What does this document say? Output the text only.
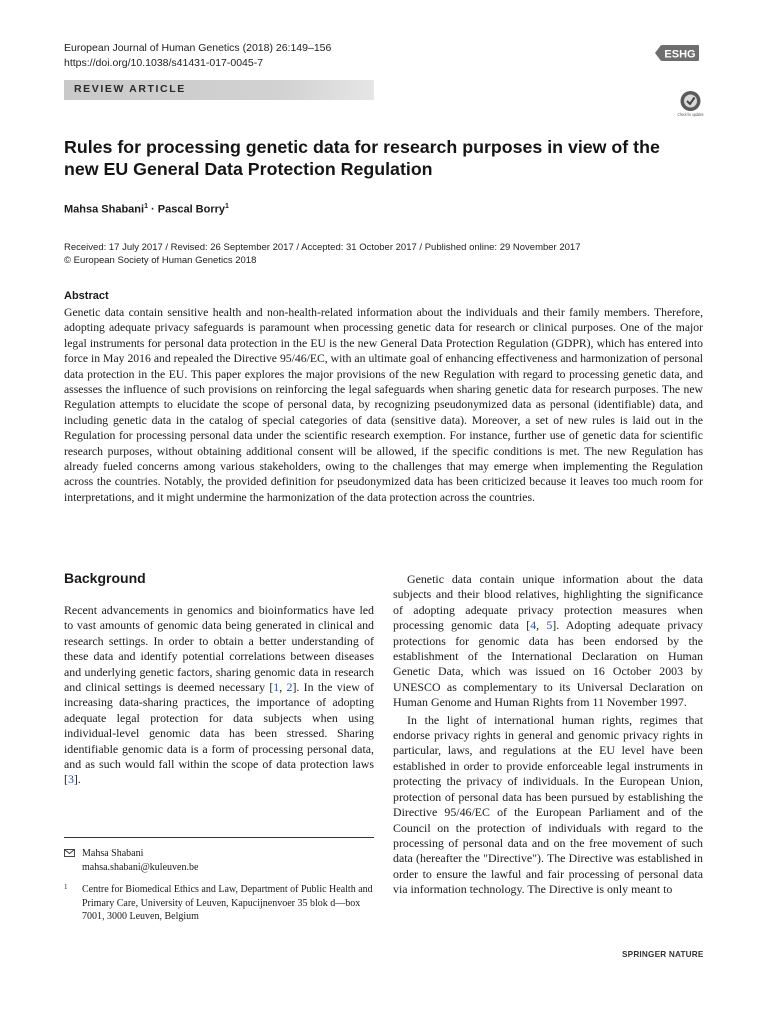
European Journal of Human Genetics (2018) 26:149–156
https://doi.org/10.1038/s41431-017-0045-7
ESHG
REVIEW ARTICLE
Check for updates
Rules for processing genetic data for research purposes in view of the new EU General Data Protection Regulation
Mahsa Shabani$^1$ · Pascal Borry$^1$
Received: 17 July 2017 / Revised: 26 September 2017 / Accepted: 31 October 2017 / Published online: 29 November 2017
© European Society of Human Genetics 2018
Abstract

Genetic data contain sensitive health and non-health-related information about the individuals and their family members. Therefore, adopting adequate privacy safeguards is paramount when processing genetic data for research or clinical purposes. One of the major legal instruments for personal data protection in the EU is the new General Data Protection Regulation (GDPR), which has entered into force in May 2016 and repealed the Directive 95/46/EC, with an ultimate goal of enhancing effectiveness and harmonization of personal data protection in the EU. This paper explores the major provisions of the new Regulation with regard to processing genetic data, and assesses the influence of such provisions on reinforcing the legal safeguards when sharing genetic data for research purposes. The new Regulation attempts to elucidate the scope of personal data, by recognizing pseudonymized data as personal (identifiable) data, and including genetic data in the catalog of special categories of data (sensitive data). Moreover, a set of new rules is laid out in the Regulation for processing personal data under the scientific research exemption. For instance, further use of genetic data for scientific research purposes, without obtaining additional consent will be allowed, if the specific conditions is met. The new Regulation has already fueled concerns among various stakeholders, owing to the challenges that may emerge when implementing the Regulation across the countries. Notably, the provided definition for pseudonymized data has been criticized because it leaves too much room for interpretations, and it might undermine the harmonization of the data protection across the countries.

Background

Recent advancements in genomics and bioinformatics have led to vast amounts of genomic data being generated in clinical and research settings. In order to obtain a better understanding of these data and identify potential correlations between diseases and underlying genetic factors, sharing genomic data in research and clinical settings is deemed necessary [1, 2]. In the view of increasing data-sharing practices, the importance of adopting adequate legal protection for data subjects when using individual-level genomic data has been stressed. Sharing identifiable genomic data is a form of processing personal data, and as such would fall within the scope of data protection laws [3].

Genetic data contain unique information about the data subjects and their blood relatives, highlighting the significance of adopting adequate privacy protection measures when processing genomic data [4, 5]. Adopting adequate privacy protections for genomic data has been endorsed by the establishment of the International Declaration on Human Genetic Data, which was issued on 16 October 2003 by UNESCO as complementary to its Universal Declaration on Human Genome and Human Rights from 11 November 1997.

In the light of international human rights, regimes that endorse privacy rights in general and genomic privacy rights in particular, laws, and regulations at the EU level have been established in order to provide enforceable legal instruments in protecting the privacy of individuals. In the European Union, protection of personal data has been pursued by establishing the Directive 95/46/EC of the European Parliament and of the Council on the protection of individuals with regard to the processing of personal data and on the free movement of such data (hereafter the "Directive"). The Directive was established in order to ensure the lawful and fair processing of personal data via information technology. The Directive is only meant to

Mahsa Shabani
mahsa.shabani@kuleuven.be
1 Centre for Biomedical Ethics and Law, Department of Public Health and Primary Care, University of Leuven, Kapucijnenvoer 35 blok d—box 7001, 3000 Leuven, Belgium
SPRINGER NATURE
